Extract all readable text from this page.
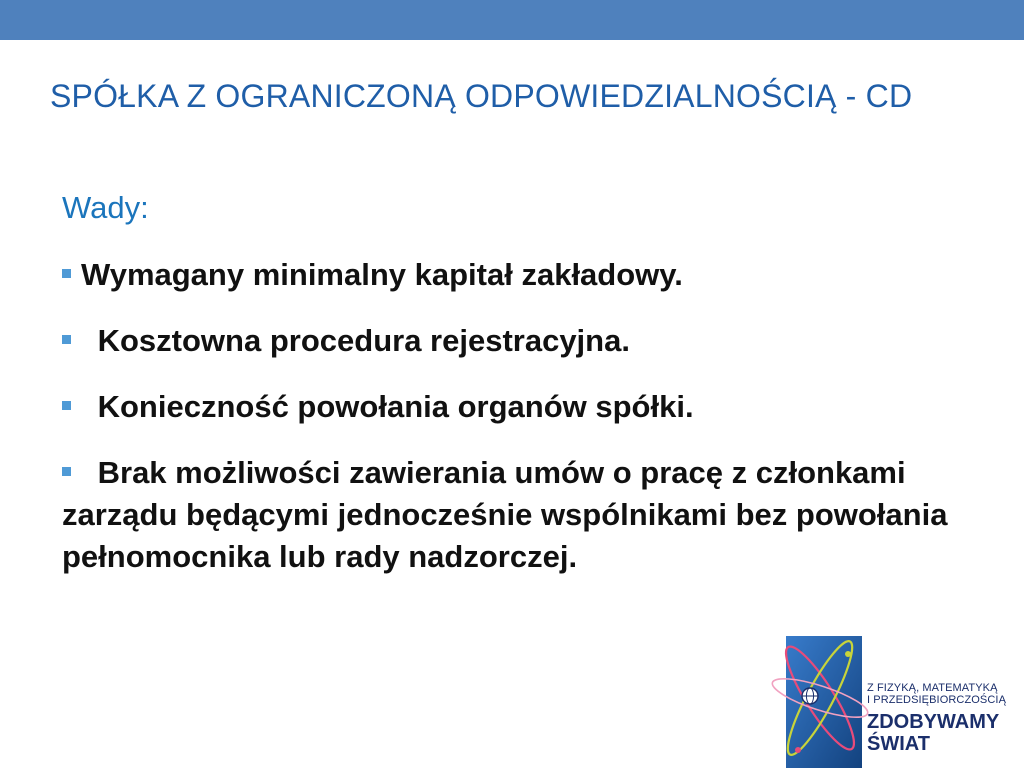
SPÓŁKA Z OGRANICZONĄ ODPOWIEDZIALNOŚCIĄ - CD
Wady:
Wymagany minimalny kapitał zakładowy.
Kosztowna procedura rejestracyjna.
Konieczność powołania organów spółki.
Brak możliwości zawierania umów o pracę z członkami zarządu będącymi jednocześnie wspólnikami bez powołania pełnomocnika lub rady nadzorczej.
Z FIZYKĄ, MATEMATYKĄ
I PRZEDSIĘBIORCZOŚCIĄ
ZDOBYWAMY
ŚWIAT
